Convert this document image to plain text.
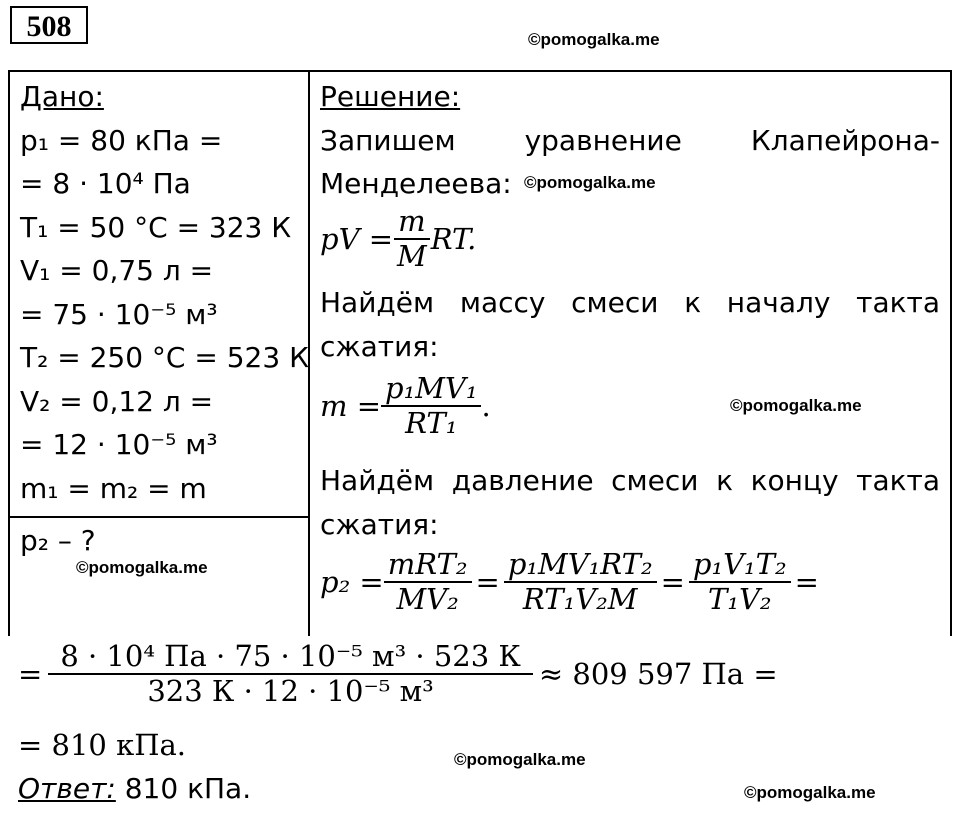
508	©pomogalka.me
Дано:
p₁ = 80 кПа =
= 8 · 10⁴ Па
T₁ = 50 °C = 323 К
V₁ = 0,75 л =
= 75 · 10⁻⁵ м³
T₂ = 250 °C = 523 К
V₂ = 0,12 л =
= 12 · 10⁻⁵ м³
m₁ = m₂ = m
p₂ – ?
©pomogalka.me
Решение:
Запишем уравнение Клапейрона-
Менделеева: ©pomogalka.me
pV = $\frac{m}{M}$ RT.
Найдём массу смеси к началу такта
сжатия:
$m = \frac{\text{p₁MV₁}}{\text{RT₁}}$ .	©pomogalka.me
Найдём давление смеси к концу такта
сжатия:
$p_2 = \frac{\text{mRT₂}}{\text{MV₂}} = \frac{\text{p₁MV₁RT₂}}{\text{RT₁V₂M}} = \frac{\text{p₁V₁T₂}}{\text{T₁V₂}}$ =
= $\frac{\text{8 · 10⁴ Па · 75 · 10⁻⁵ м³ · 523 К}}{\text{323 К · 12 · 10⁻⁵ м³}} \approx 809$ 597 Па =
= 810 кПа.	©pomogalka.me
Ответ: 810 кПа.	©pomogalka.me
